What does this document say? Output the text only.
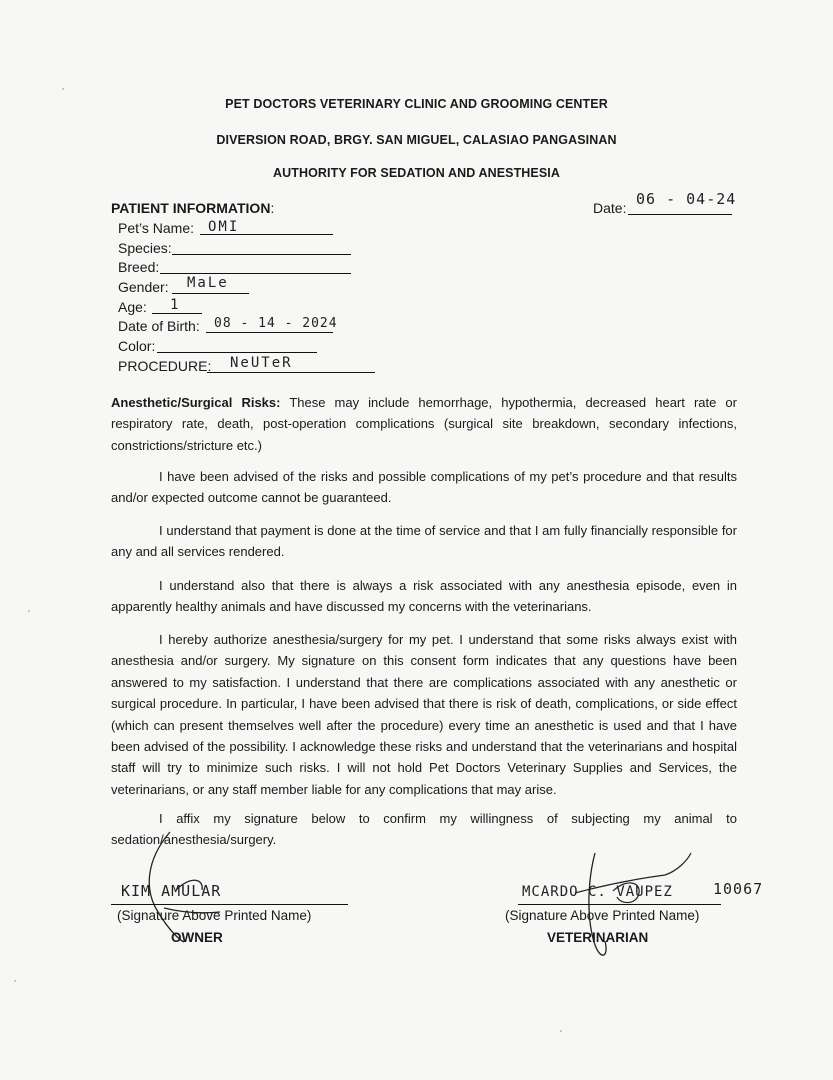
PET DOCTORS VETERINARY CLINIC AND GROOMING CENTER
DIVERSION ROAD, BRGY. SAN MIGUEL, CALASIAO PANGASINAN
AUTHORITY FOR SEDATION AND ANESTHESIA
PATIENT INFORMATION:	Date: 06 - 04-24
Pet’s Name: OMI
Species:
Breed:
Gender: MaLe
Age: 1
Date of Birth: 08 - 14 - 2024
Color:
PROCEDURE: NeUTeR

Anesthetic/Surgical Risks: These may include hemorrhage, hypothermia, decreased heart rate or respiratory rate, death, post-operation complications (surgical site breakdown, secondary infections, constrictions/stricture etc.)

I have been advised of the risks and possible complications of my pet’s procedure and that results and/or expected outcome cannot be guaranteed.

I understand that payment is done at the time of service and that I am fully financially responsible for any and all services rendered.

I understand also that there is always a risk associated with any anesthesia episode, even in apparently healthy animals and have discussed my concerns with the veterinarians.

I hereby authorize anesthesia/surgery for my pet. I understand that some risks always exist with anesthesia and/or surgery. My signature on this consent form indicates that any questions have been answered to my satisfaction. I understand that there are complications associated with any anesthetic or surgical procedure. In particular, I have been advised that there is risk of death, complications, or side effect (which can present themselves well after the procedure) every time an anesthetic is used and that I have been advised of the possibility. I acknowledge these risks and understand that the veterinarians and hospital staff will try to minimize such risks. I will not hold Pet Doctors Veterinary Supplies and Services, the veterinarians, or any staff member liable for any complications that may arise.

I affix my signature below to confirm my willingness of subjecting my animal to sedation/anesthesia/surgery.

KIM AMULAR
(Signature Above Printed Name)
OWNER
MCARDO C. VAUPEZ	10067
(Signature Above Printed Name)
VETERINARIAN
